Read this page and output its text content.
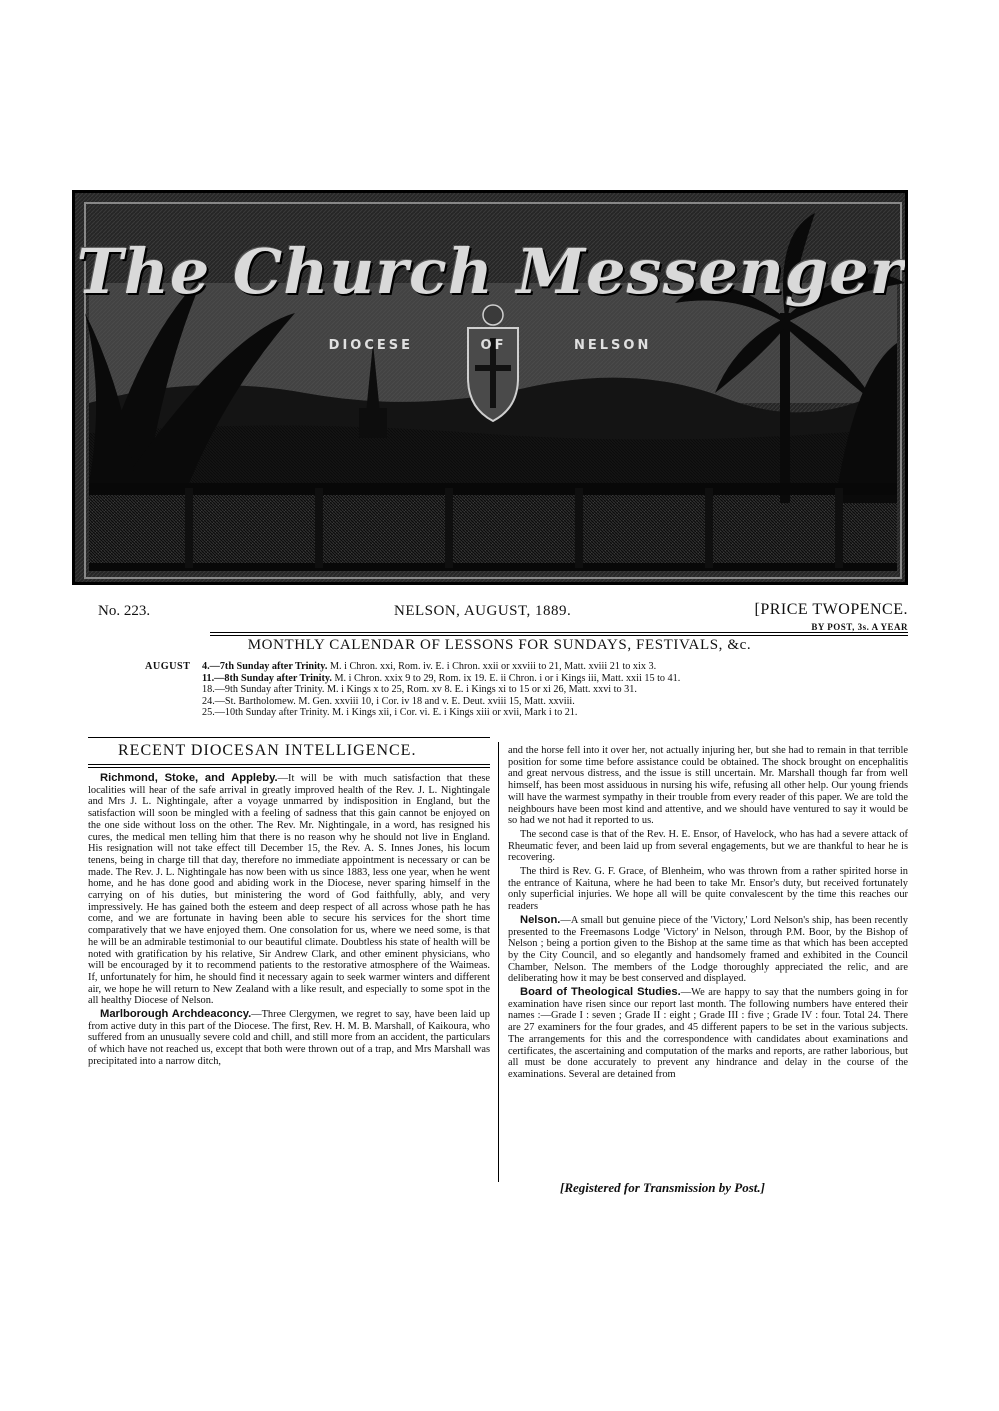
The Church Messenger
DIOCESE	OF NELSON
No. 223.	NELSON, AUGUST, 1889.	[PRICE TWOPENCE.
BY POST, 3s. A YEAR
MONTHLY CALENDAR OF LESSONS FOR SUNDAYS, FESTIVALS, &c.
AUGUST 4.—7th Sunday after Trinity. M. i Chron. xxi, Rom. iv. E. i Chron. xxii or xxviii to 21, Matt. xviii 21 to xix 3.
11.—8th Sunday after Trinity. M. i Chron. xxix 9 to 29, Rom. ix 19. E. ii Chron. i or i Kings iii, Matt. xxii 15 to 41.
18.—9th Sunday after Trinity. M. i Kings x to 25, Rom. xv 8. E. i Kings xi to 15 or xi 26, Matt. xxvi to 31.
24.—St. Bartholomew. M. Gen. xxviii 10, i Cor. iv 18 and v. E. Deut. xviii 15, Matt. xxviii.
25.—10th Sunday after Trinity. M. i Kings xii, i Cor. vi. E. i Kings xiii or xvii, Mark i to 21.
RECENT DIOCESAN INTELLIGENCE.

Richmond, Stoke, and Appleby.—It will be with much satisfaction that these localities will hear of the safe arrival in greatly improved health of the Rev. J. L. Nightingale and Mrs J. L. Nightingale, after a voyage unmarred by indisposition in England, but the satisfaction will soon be mingled with a feeling of sadness that this gain cannot be enjoyed on the one side without loss on the other. The Rev. Mr. Nightingale, in a word, has resigned his cures, the medical men telling him that there is no reason why he should not live in England. His resignation will not take effect till December 15, the Rev. A. S. Innes Jones, his locum tenens, being in charge till that day, therefore no immediate appointment is necessary or can be made. The Rev. J. L. Nightingale has now been with us since 1883, less one year, when he went home, and he has done good and abiding work in the Diocese, never sparing himself in the carrying on of his duties, but ministering the word of God faithfully, ably, and very impressively. He has gained both the esteem and deep respect of all across whose path he has come, and we are fortunate in having been able to secure his services for the short time comparatively that we have enjoyed them. One consolation for us, where we need some, is that he will be an admirable testimonial to our beautiful climate. Doubtless his state of health will be noted with gratification by his relative, Sir Andrew Clark, and other eminent physicians, who will be encouraged by it to recommend patients to the restorative atmosphere of the Waimeas. If, unfortunately for him, he should find it necessary again to seek warmer winters and different air, we hope he will return to New Zealand with a like result, and especially to some spot in the all healthy Diocese of Nelson.

Marlborough Archdeaconcy.—Three Clergymen, we regret to say, have been laid up from active duty in this part of the Diocese. The first, Rev. H. M. B. Marshall, of Kaikoura, who suffered from an unusually severe cold and chill, and still more from an accident, the particulars of which have not reached us, except that both were thrown out of a trap, and Mrs Marshall was precipitated into a narrow ditch,

and the horse fell into it over her, not actually injuring her, but she had to remain in that terrible position for some time before assistance could be obtained. The shock brought on encephalitis and great nervous distress, and the issue is still uncertain. Mr. Marshall though far from well himself, has been most assiduous in nursing his wife, refusing all other help. Our young friends will have the warmest sympathy in their trouble from every reader of this paper. We are told the neighbours have been most kind and attentive, and we should have ventured to say it would be so had we not had it reported to us.

The second case is that of the Rev. H. E. Ensor, of Havelock, who has had a severe attack of Rheumatic fever, and been laid up from several engagements, but we are thankful to hear he is recovering.

The third is Rev. G. F. Grace, of Blenheim, who was thrown from a rather spirited horse in the entrance of Kaituna, where he had been to take Mr. Ensor's duty, but received fortunately only superficial injuries. We hope all will be quite convalescent by the time this reaches our readers

Nelson.—A small but genuine piece of the 'Victory,' Lord Nelson's ship, has been recently presented to the Freemasons Lodge 'Victory' in Nelson, through P.M. Boor, by the Bishop of Nelson ; being a portion given to the Bishop at the same time as that which has been accepted by the City Council, and so elegantly and handsomely framed and exhibited in the Council Chamber, Nelson. The members of the Lodge thoroughly appreciated the relic, and are deliberating how it may be best conserved and displayed.

Board of Theological Studies.—We are happy to say that the numbers going in for examination have risen since our report last month. The following numbers have entered their names :—Grade I : seven ; Grade II : eight ; Grade III : five ; Grade IV : four. Total 24. There are 27 examiners for the four grades, and 45 different papers to be set in the various subjects. The arrangements for this and the correspondence with candidates about examinations and certificates, the ascertaining and computation of the marks and reports, are rather laborious, but all must be done accurately to prevent any hindrance and delay in the course of the examinations. Several are detained from

[Registered for Transmission by Post.]
